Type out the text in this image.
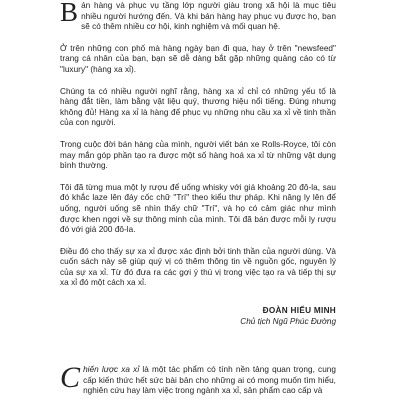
Bán hàng và phục vụ tầng lớp người giàu trong xã hội là mục tiêu nhiều người hướng đến. Và khi bán hàng hay phục vụ được họ, bạn sẽ có thêm nhiều cơ hội, kinh nghiệm và mối quan hệ.

Ở trên những con phố mà hàng ngày bạn đi qua, hay ở trên "newsfeed" trang cá nhân của bạn, bạn sẽ dễ dàng bắt gặp những quảng cáo có từ "luxury" (hàng xa xỉ).

Chúng ta có nhiều người nghĩ rằng, hàng xa xỉ chỉ có những yếu tố là hàng đắt tiền, làm bằng vật liệu quý, thương hiệu nổi tiếng. Đúng nhưng không đủ! Hàng xa xỉ là hàng để phục vụ những nhu cầu xa xỉ về tinh thần của con người.

Trong cuộc đời bán hàng của mình, người viết bán xe Rolls-Royce, tôi còn may mắn góp phần tạo ra được một số hàng hoá xa xỉ từ những vật dụng bình thường.

Tôi đã từng mua một ly rượu để uống whisky với giá khoảng 20 đô-la, sau đó khắc laze lên đáy cốc chữ "Trí" theo kiểu thư pháp. Khi nâng ly lên để uống, người uống sẽ nhìn thấy chữ "Trí", và họ có cảm giác như mình được khen ngợi về sự thông minh của mình. Tôi đã bán được mỗi ly rượu đó với giá 200 đô-la.

Điều đó cho thấy sự xa xỉ được xác định bởi tinh thần của người dùng. Và cuốn sách này sẽ giúp quý vị có thêm thông tin về nguồn gốc, nguyên lý của sự xa xỉ. Từ đó đưa ra các gợi ý thú vị trong việc tạo ra và tiếp thị sự xa xỉ đó một cách xa xỉ.

ĐOÀN HIẾU MINH

Chủ tịch Ngũ Phúc Đường

Chiến lược xa xỉ là một tác phẩm có tính nền tảng quan trọng, cung cấp kiến thức hết sức bài bản cho những ai có mong muốn tìm hiểu, nghiên cứu hay làm việc trong ngành xa xỉ, sản phẩm cao cấp và
